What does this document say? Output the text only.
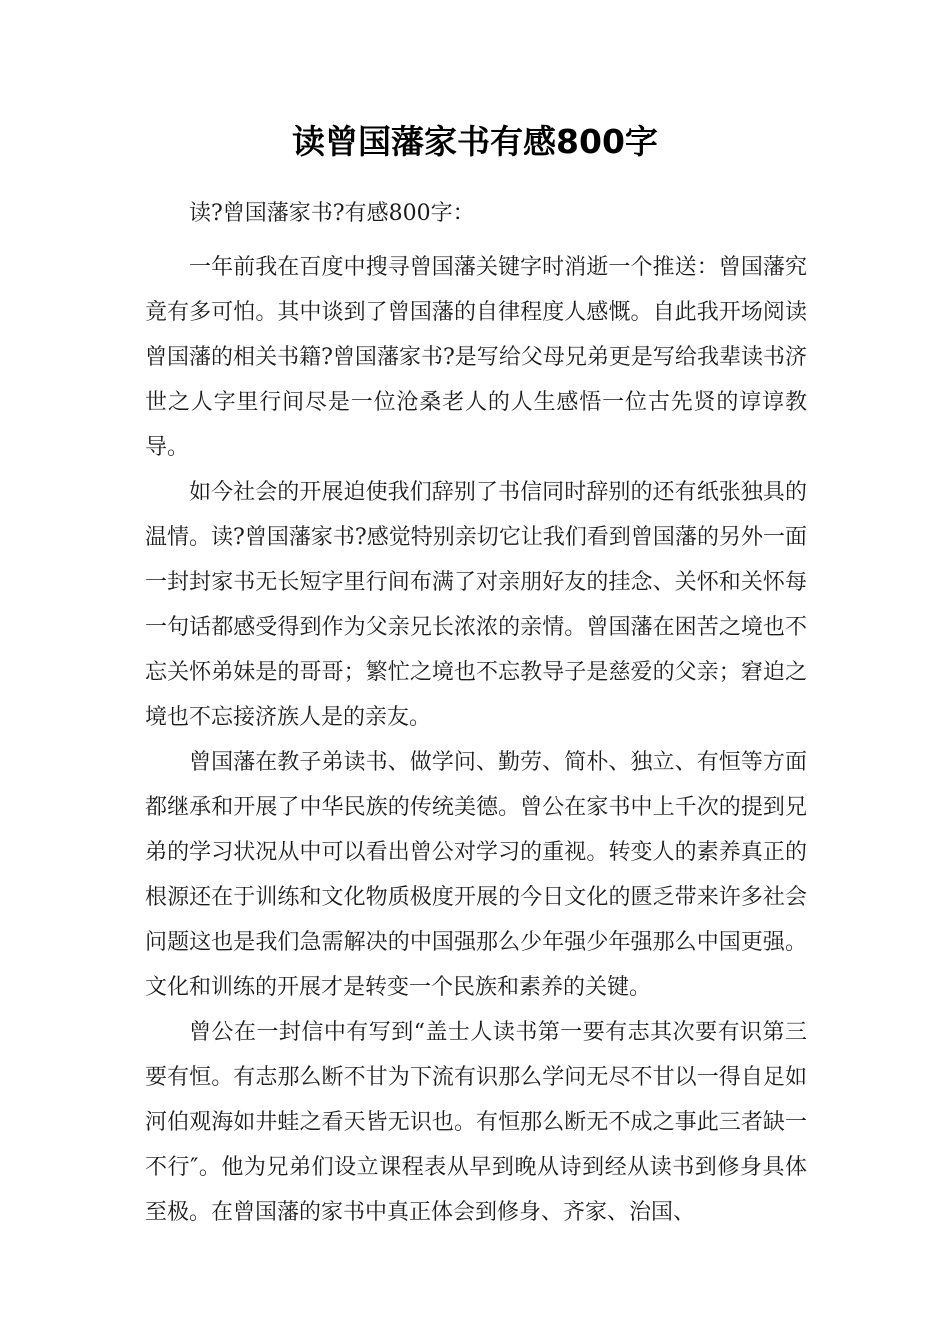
读曾国藩家书有感800字

读?曾国藩家书?有感800字：

一年前我在百度中搜寻曾国藩关键字时消逝一个推送：曾国藩究竟有多可怕。其中谈到了曾国藩的自律程度人感慨。自此我开场阅读曾国藩的相关书籍?曾国藩家书?是写给父母兄弟更是写给我辈读书济世之人字里行间尽是一位沧桑老人的人生感悟一位古先贤的谆谆教导。

如今社会的开展迫使我们辞别了书信同时辞别的还有纸张独具的温情。读?曾国藩家书?感觉特别亲切它让我们看到曾国藩的另外一面一封封家书无长短字里行间布满了对亲朋好友的挂念、关怀和关怀每一句话都感受得到作为父亲兄长浓浓的亲情。曾国藩在困苦之境也不忘关怀弟妹是的哥哥；繁忙之境也不忘教导子是慈爱的父亲；窘迫之境也不忘接济族人是的亲友。

曾国藩在教子弟读书、做学问、勤劳、简朴、独立、有恒等方面都继承和开展了中华民族的传统美德。曾公在家书中上千次的提到兄弟的学习状况从中可以看出曾公对学习的重视。转变人的素养真正的根源还在于训练和文化物质极度开展的今日文化的匮乏带来许多社会问题这也是我们急需解决的中国强那么少年强少年强那么中国更强。文化和训练的开展才是转变一个民族和素养的关键。

曾公在一封信中有写到“盖士人读书第一要有志其次要有识第三要有恒。有志那么断不甘为下流有识那么学问无尽不甘以一得自足如河伯观海如井蛙之看天皆无识也。有恒那么断无不成之事此三者缺一不行″。他为兄弟们设立课程表从早到晚从诗到经从读书到修身具体至极。在曾国藩的家书中真正体会到修身、齐家、治国、
